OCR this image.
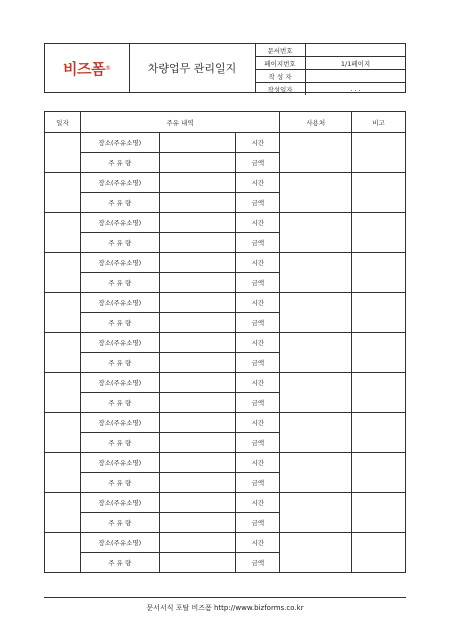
비즈폼 ®	차량업무 관리일지
문서번호
페이지번호	1/1페이지
작 성 자
작성일자	. . .
일자	주유 내역			사용처	비고
	장소(주유소명)		시간		
	주 유 량		금액		
	장소(주유소명)		시간		
	주 유 량		금액		
	장소(주유소명)		시간		
	주 유 량		금액		
	장소(주유소명)		시간		
	주 유 량		금액		
	장소(주유소명)		시간		
	주 유 량		금액		
	장소(주유소명)		시간		
	주 유 량		금액		
	장소(주유소명)		시간		
	주 유 량		금액		
	장소(주유소명)		시간		
	주 유 량		금액		
	장소(주유소명)		시간		
	주 유 량		금액		
	장소(주유소명)		시간		
	주 유 량		금액		
	장소(주유소명)		시간		
	주 유 량		금액		
문서서식 포탈 비즈폼 http://www.bizforms.co.kr
